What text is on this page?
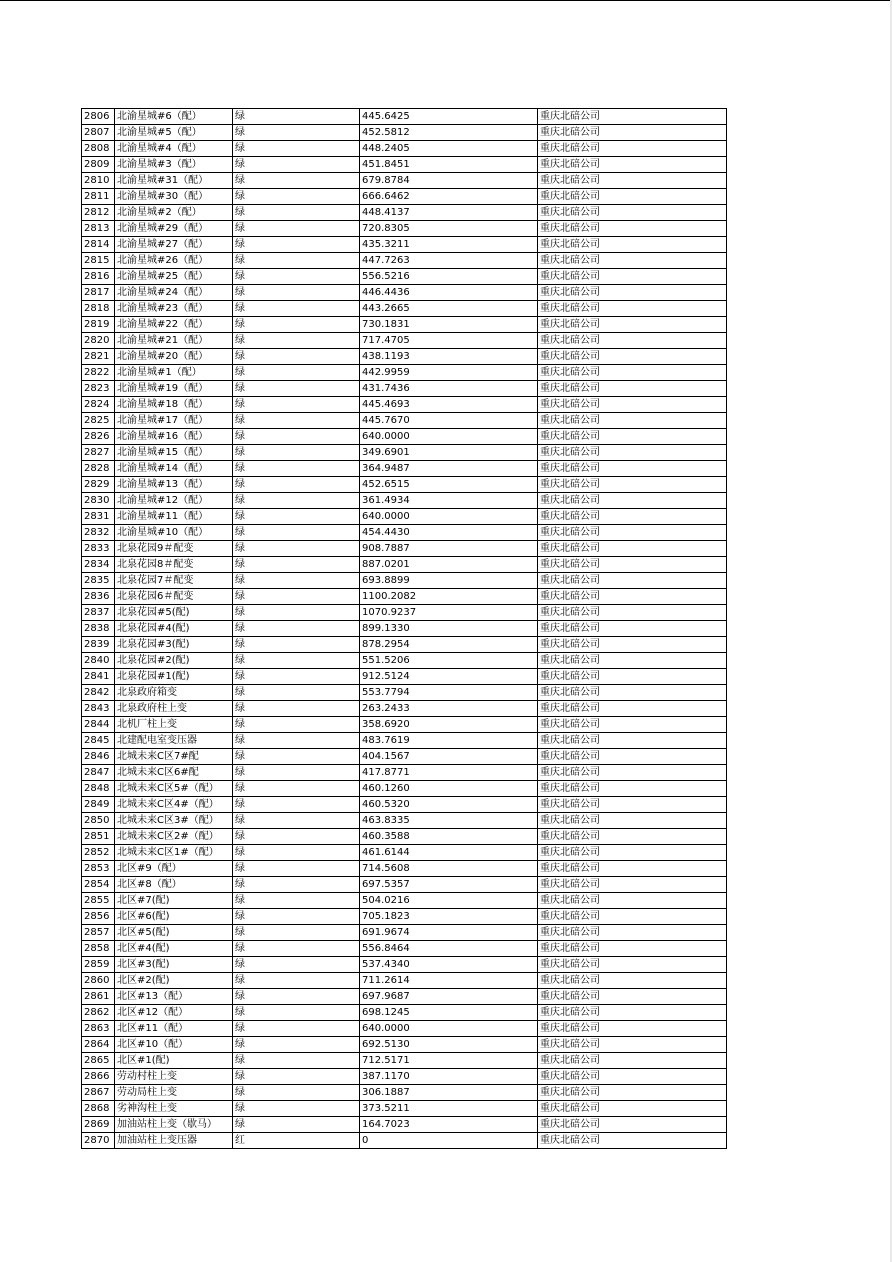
2806	北渝星城#6（配）	绿	445.6425	重庆北碚公司
2807	北渝星城#5（配）	绿	452.5812	重庆北碚公司
2808	北渝星城#4（配）	绿	448.2405	重庆北碚公司
2809	北渝星城#3（配）	绿	451.8451	重庆北碚公司
2810	北渝星城#31（配）	绿	679.8784	重庆北碚公司
2811	北渝星城#30（配）	绿	666.6462	重庆北碚公司
2812	北渝星城#2（配）	绿	448.4137	重庆北碚公司
2813	北渝星城#29（配）	绿	720.8305	重庆北碚公司
2814	北渝星城#27（配）	绿	435.3211	重庆北碚公司
2815	北渝星城#26（配）	绿	447.7263	重庆北碚公司
2816	北渝星城#25（配）	绿	556.5216	重庆北碚公司
2817	北渝星城#24（配）	绿	446.4436	重庆北碚公司
2818	北渝星城#23（配）	绿	443.2665	重庆北碚公司
2819	北渝星城#22（配）	绿	730.1831	重庆北碚公司
2820	北渝星城#21（配）	绿	717.4705	重庆北碚公司
2821	北渝星城#20（配）	绿	438.1193	重庆北碚公司
2822	北渝星城#1（配）	绿	442.9959	重庆北碚公司
2823	北渝星城#19（配）	绿	431.7436	重庆北碚公司
2824	北渝星城#18（配）	绿	445.4693	重庆北碚公司
2825	北渝星城#17（配）	绿	445.7670	重庆北碚公司
2826	北渝星城#16（配）	绿	640.0000	重庆北碚公司
2827	北渝星城#15（配）	绿	349.6901	重庆北碚公司
2828	北渝星城#14（配）	绿	364.9487	重庆北碚公司
2829	北渝星城#13（配）	绿	452.6515	重庆北碚公司
2830	北渝星城#12（配）	绿	361.4934	重庆北碚公司
2831	北渝星城#11（配）	绿	640.0000	重庆北碚公司
2832	北渝星城#10（配）	绿	454.4430	重庆北碚公司
2833	北泉花园9＃配变	绿	908.7887	重庆北碚公司
2834	北泉花园8＃配变	绿	887.0201	重庆北碚公司
2835	北泉花园7＃配变	绿	693.8899	重庆北碚公司
2836	北泉花园6＃配变	绿	1100.2082	重庆北碚公司
2837	北泉花园#5(配)	绿	1070.9237	重庆北碚公司
2838	北泉花园#4(配)	绿	899.1330	重庆北碚公司
2839	北泉花园#3(配)	绿	878.2954	重庆北碚公司
2840	北泉花园#2(配)	绿	551.5206	重庆北碚公司
2841	北泉花园#1(配)	绿	912.5124	重庆北碚公司
2842	北泉政府箱变	绿	553.7794	重庆北碚公司
2843	北泉政府柱上变	绿	263.2433	重庆北碚公司
2844	北机厂柱上变	绿	358.6920	重庆北碚公司
2845	北建配电室变压器	绿	483.7619	重庆北碚公司
2846	北城未来C区7#配	绿	404.1567	重庆北碚公司
2847	北城未来C区6#配	绿	417.8771	重庆北碚公司
2848	北城未来C区5#（配）	绿	460.1260	重庆北碚公司
2849	北城未来C区4#（配）	绿	460.5320	重庆北碚公司
2850	北城未来C区3#（配）	绿	463.8335	重庆北碚公司
2851	北城未来C区2#（配）	绿	460.3588	重庆北碚公司
2852	北城未来C区1#（配）	绿	461.6144	重庆北碚公司
2853	北区#9（配）	绿	714.5608	重庆北碚公司
2854	北区#8（配）	绿	697.5357	重庆北碚公司
2855	北区#7(配)	绿	504.0216	重庆北碚公司
2856	北区#6(配)	绿	705.1823	重庆北碚公司
2857	北区#5(配)	绿	691.9674	重庆北碚公司
2858	北区#4(配)	绿	556.8464	重庆北碚公司
2859	北区#3(配)	绿	537.4340	重庆北碚公司
2860	北区#2(配)	绿	711.2614	重庆北碚公司
2861	北区#13（配）	绿	697.9687	重庆北碚公司
2862	北区#12（配）	绿	698.1245	重庆北碚公司
2863	北区#11（配）	绿	640.0000	重庆北碚公司
2864	北区#10（配）	绿	692.5130	重庆北碚公司
2865	北区#1(配)	绿	712.5171	重庆北碚公司
2866	劳动村柱上变	绿	387.1170	重庆北碚公司
2867	劳动局柱上变	绿	306.1887	重庆北碚公司
2868	劣神沟柱上变	绿	373.5211	重庆北碚公司
2869	加油站柱上变（歇马）	绿	164.7023	重庆北碚公司
2870	加油站柱上变压器	红	0	重庆北碚公司
